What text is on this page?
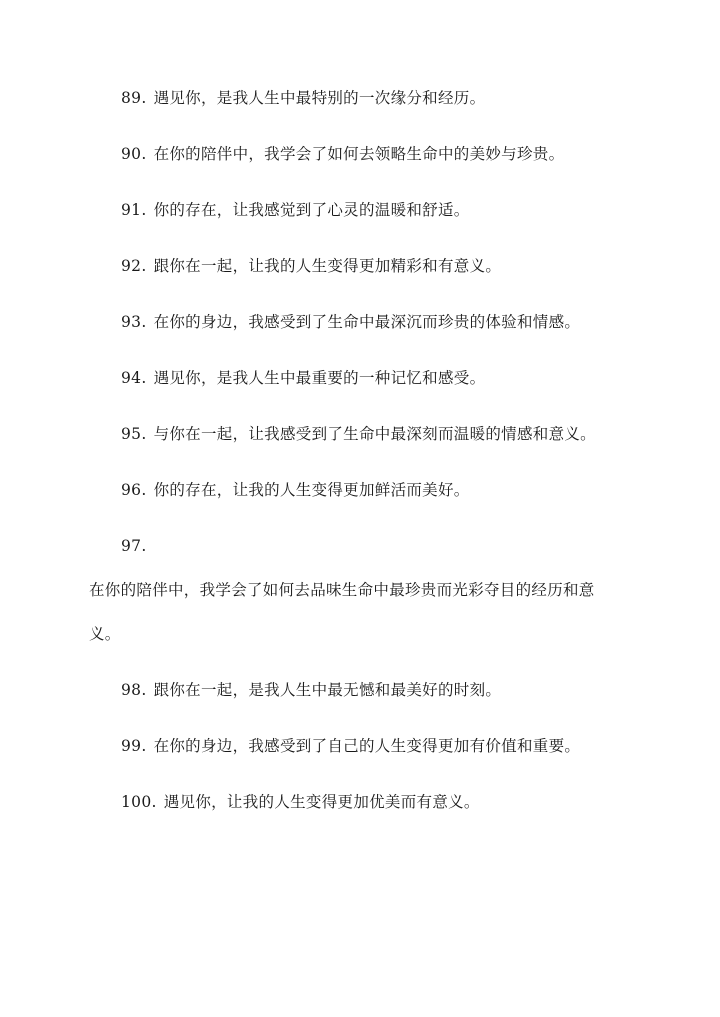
89. 遇见你，是我人生中最特别的一次缘分和经历。
90. 在你的陪伴中，我学会了如何去领略生命中的美妙与珍贵。
91. 你的存在，让我感觉到了心灵的温暖和舒适。
92. 跟你在一起，让我的人生变得更加精彩和有意义。
93. 在你的身边，我感受到了生命中最深沉而珍贵的体验和情感。
94. 遇见你，是我人生中最重要的一种记忆和感受。
95. 与你在一起，让我感受到了生命中最深刻而温暖的情感和意义。
96. 你的存在，让我的人生变得更加鲜活而美好。
97.
在你的陪伴中，我学会了如何去品味生命中最珍贵而光彩夺目的经历和意
义。
98. 跟你在一起，是我人生中最无憾和最美好的时刻。
99. 在你的身边，我感受到了自己的人生变得更加有价值和重要。
100. 遇见你，让我的人生变得更加优美而有意义。
